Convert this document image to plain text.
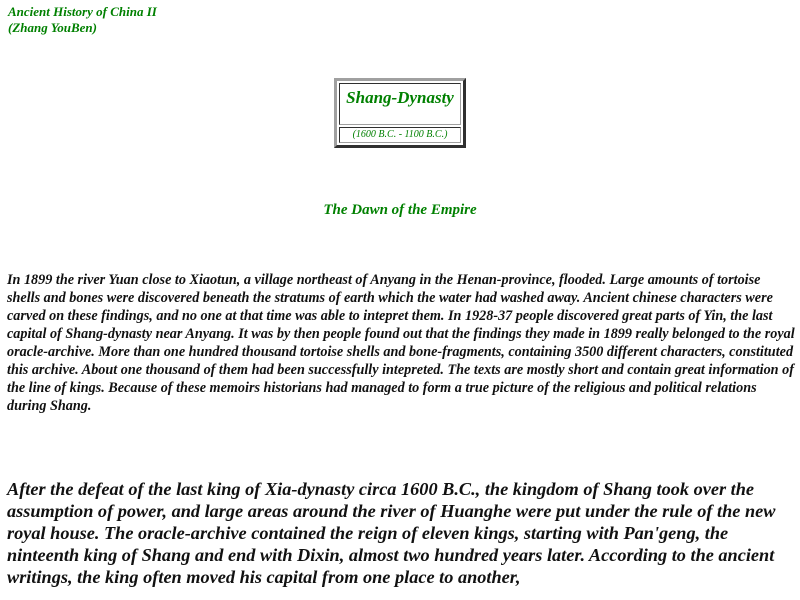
Ancient History of China II
(Zhang YouBen)
Shang-Dynasty
(1600 B.C. - 1100 B.C.)
The Dawn of the Empire

In 1899 the river Yuan close to Xiaotun, a village northeast of Anyang in the Henan-province, flooded. Large amounts of tortoise shells and bones were discovered beneath the stratums of earth which the water had washed away. Ancient chinese characters were carved on these findings, and no one at that time was able to intepret them. In 1928-37 people discovered great parts of Yin, the last capital of Shang-dynasty near Anyang. It was by then people found out that the findings they made in 1899 really belonged to the royal oracle-archive. More than one hundred thousand tortoise shells and bone-fragments, containing 3500 different characters, constituted this archive. About one thousand of them had been successfully intepreted. The texts are mostly short and contain great information of the line of kings. Because of these memoirs historians had managed to form a true picture of the religious and political relations during Shang.

After the defeat of the last king of Xia-dynasty circa 1600 B.C., the kingdom of Shang took over the assumption of power, and large areas around the river of Huanghe were put under the rule of the new royal house. The oracle-archive contained the reign of eleven kings, starting with Pan'geng, the ninteenth king of Shang and end with Dixin, almost two hundred years later. According to the ancient writings, the king often moved his capital from one place to another,
